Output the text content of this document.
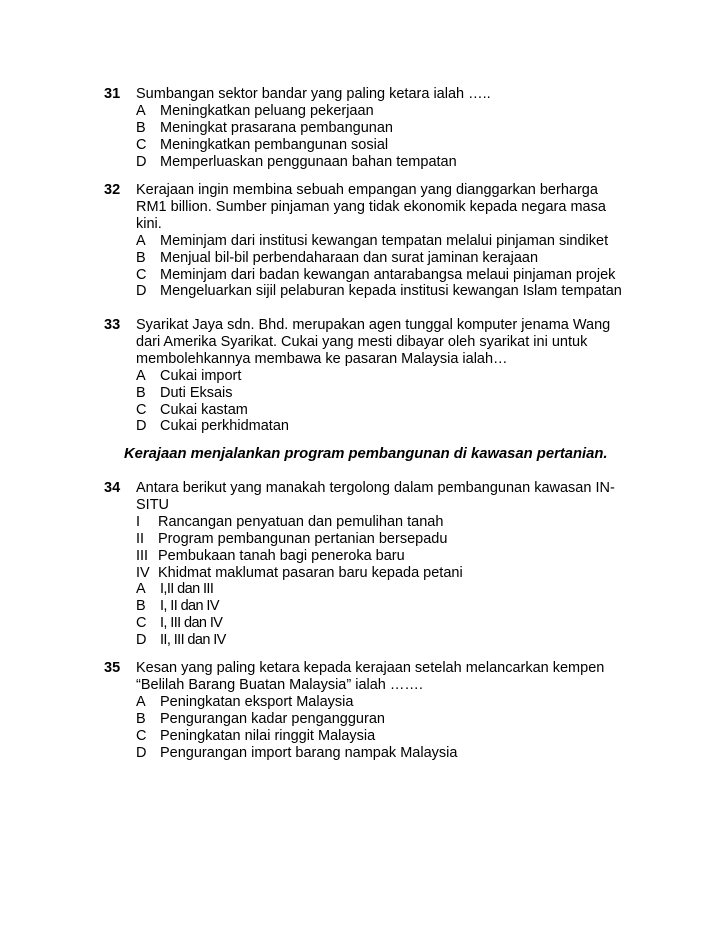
31	Sumbangan sektor bandar yang paling ketara ialah …..
A Meningkatkan peluang pekerjaan
B Meningkat prasarana pembangunan
C Meningkatkan pembangunan sosial
D Memperluaskan penggunaan bahan tempatan
32	Kerajaan ingin membina sebuah empangan yang dianggarkan berharga
RM1 billion. Sumber pinjaman yang tidak ekonomik kepada negara masa
kini.
A Meminjam dari institusi kewangan tempatan melalui pinjaman sindiket
B Menjual bil-bil perbendaharaan dan surat jaminan kerajaan
C Meminjam dari badan kewangan antarabangsa melaui pinjaman projek
D Mengeluarkan sijil pelaburan kepada institusi kewangan Islam tempatan
33	Syarikat Jaya sdn. Bhd. merupakan agen tunggal komputer jenama Wang
dari Amerika Syarikat. Cukai yang mesti dibayar oleh syarikat ini untuk
membolehkannya membawa ke pasaran Malaysia ialah…
A Cukai import
B Duti Eksais
C Cukai kastam
D Cukai perkhidmatan
Kerajaan menjalankan program pembangunan di kawasan pertanian.
34	Antara berikut yang manakah tergolong dalam pembangunan kawasan IN-
SITU
I	Rancangan penyatuan dan pemulihan tanah
II Program pembangunan pertanian bersepadu
III Pembukaan tanah bagi peneroka baru
IV Khidmat maklumat pasaran baru kepada petani
A I,II dan III
B I, II dan IV
C I, III dan IV
D II, III dan IV
35	Kesan yang paling ketara kepada kerajaan setelah melancarkan kempen
“Belilah Barang Buatan Malaysia” ialah …….
A Peningkatan eksport Malaysia
B Pengurangan kadar pengangguran
C Peningkatan nilai ringgit Malaysia
D Pengurangan import barang nampak Malaysia
